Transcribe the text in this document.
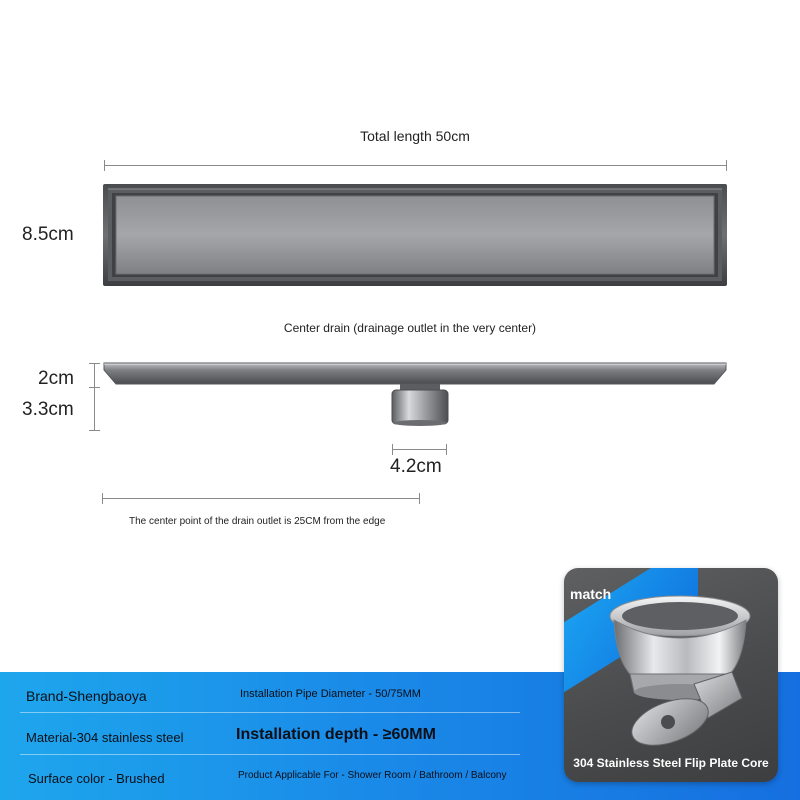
Total length 50cm
8.5cm
Center drain (drainage outlet in the very center)
2cm
3.3cm
4.2cm
The center point of the drain outlet is 25CM from the edge
Brand-Shengbaoya	Installation Pipe Diameter - 50/75MM
Material-304 stainless steel	Installation depth - ≥60MM
Surface color - Brushed	Product Applicable For - Shower Room / Bathroom / Balcony
match
304 Stainless Steel Flip Plate Core
